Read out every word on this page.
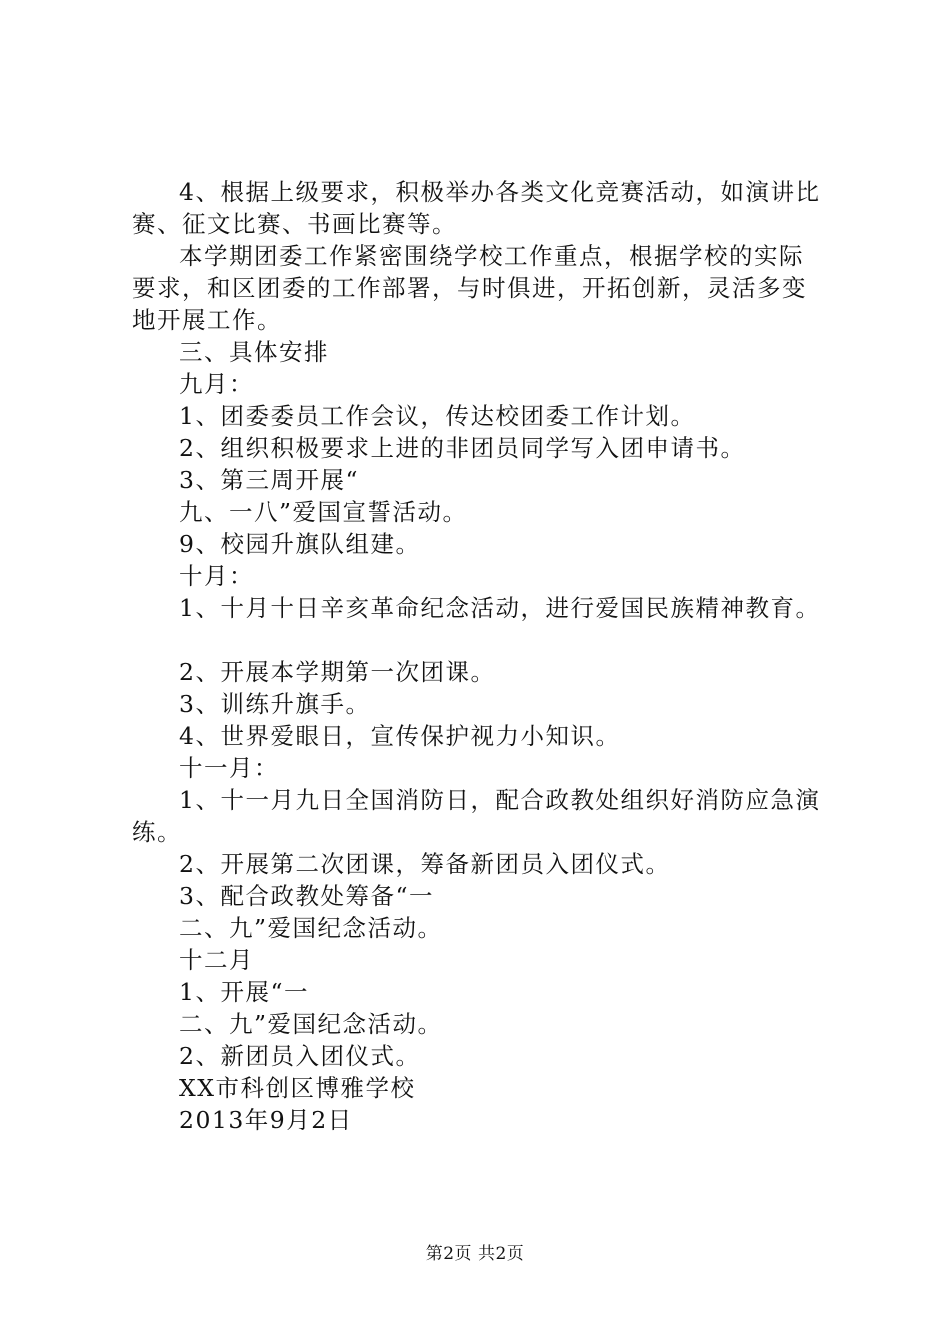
4、根据上级要求，积极举办各类文化竞赛活动，如演讲比
赛、征文比赛、书画比赛等。
本学期团委工作紧密围绕学校工作重点，根据学校的实际
要求，和区团委的工作部署，与时俱进，开拓创新，灵活多变
地开展工作。
三、具体安排
九月：
1、团委委员工作会议，传达校团委工作计划。
2、组织积极要求上进的非团员同学写入团申请书。
3、第三周开展“
九、一八”爱国宣誓活动。
9、校园升旗队组建。
十月：
1、十月十日辛亥革命纪念活动，进行爱国民族精神教育。
2、开展本学期第一次团课。
3、训练升旗手。
4、世界爱眼日，宣传保护视力小知识。
十一月：
1、十一月九日全国消防日，配合政教处组织好消防应急演
练。
2、开展第二次团课，筹备新团员入团仪式。
3、配合政教处筹备“一
二、九”爱国纪念活动。
十二月
1、开展“一
二、九”爱国纪念活动。
2、新团员入团仪式。
XX市科创区博雅学校
2013年9月2日
第2页 共2页
